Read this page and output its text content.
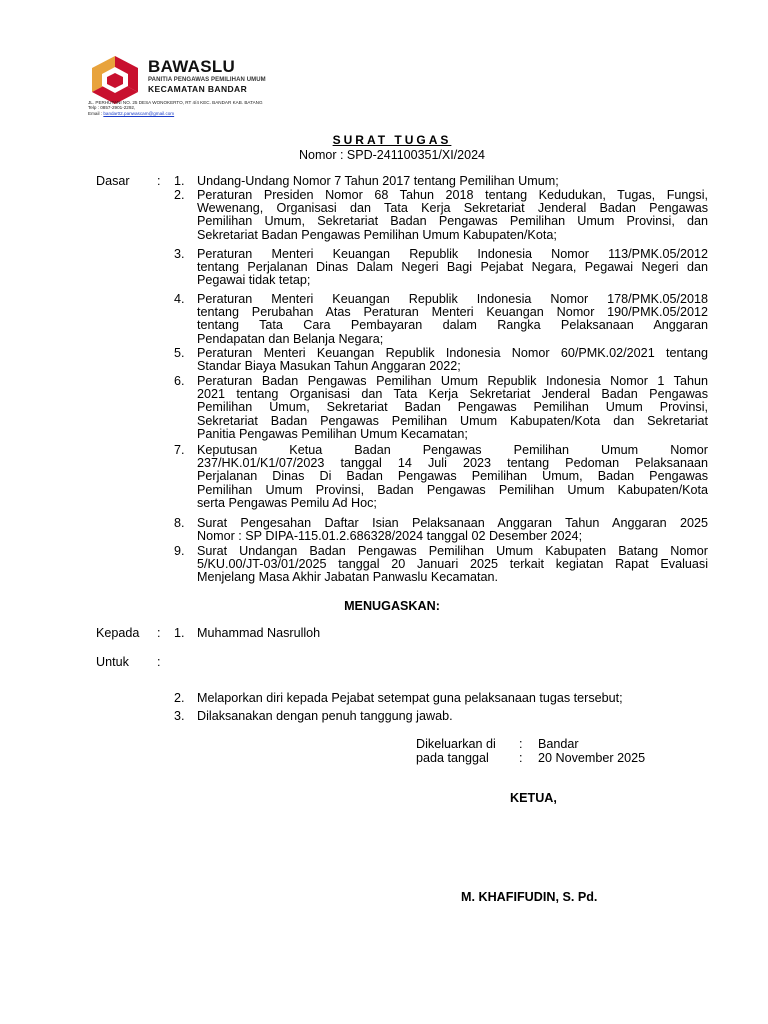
BAWASLU
PANITIA PENGAWAS PEMILIHAN UMUM
KECAMATAN BANDAR
JL. PERHUTANI NO. 25 DESA WONOKERTO, RT 4/4 KEC. BANDAR KAB. BATANG
Telp : 0857-2901-2292,
Email : bandar02.panwascam@gmail.com
SURAT TUGAS
Nomor : SPD-241100351/XI/2024
Dasar : 1. Undang-Undang Nomor 7 Tahun 2017 tentang Pemilihan Umum;
2. Peraturan Presiden Nomor 68 Tahun 2018 tentang Kedudukan, Tugas, Fungsi,
Wewenang, Organisasi dan Tata Kerja Sekretariat Jenderal Badan Pengawas
Pemilihan Umum, Sekretariat Badan Pengawas Pemilihan Umum Provinsi, dan
Sekretariat Badan Pengawas Pemilihan Umum Kabupaten/Kota;
3. Peraturan Menteri Keuangan Republik Indonesia Nomor 113/PMK.05/2012
tentang Perjalanan Dinas Dalam Negeri Bagi Pejabat Negara, Pegawai Negeri dan
Pegawai tidak tetap;
4. Peraturan Menteri Keuangan Republik Indonesia Nomor 178/PMK.05/2018
tentang Perubahan Atas Peraturan Menteri Keuangan Nomor 190/PMK.05/2012
tentang Tata Cara Pembayaran dalam Rangka Pelaksanaan Anggaran
Pendapatan dan Belanja Negara;
5. Peraturan Menteri Keuangan Republik Indonesia Nomor 60/PMK.02/2021 tentang
Standar Biaya Masukan Tahun Anggaran 2022;
6. Peraturan Badan Pengawas Pemilihan Umum Republik Indonesia Nomor 1 Tahun
2021 tentang Organisasi dan Tata Kerja Sekretariat Jenderal Badan Pengawas
Pemilihan Umum, Sekretariat Badan Pengawas Pemilihan Umum Provinsi,
Sekretariat Badan Pengawas Pemilihan Umum Kabupaten/Kota dan Sekretariat
Panitia Pengawas Pemilihan Umum Kecamatan;
7. Keputusan Ketua Badan Pengawas Pemilihan Umum Nomor
237/HK.01/K1/07/2023 tanggal 14 Juli 2023 tentang Pedoman Pelaksanaan
Perjalanan Dinas Di Badan Pengawas Pemilihan Umum, Badan Pengawas
Pemilihan Umum Provinsi, Badan Pengawas Pemilihan Umum Kabupaten/Kota
serta Pengawas Pemilu Ad Hoc;
8. Surat Pengesahan Daftar Isian Pelaksanaan Anggaran Tahun Anggaran 2025
Nomor : SP DIPA-115.01.2.686328/2024 tanggal 02 Desember 2024;
9. Surat Undangan Badan Pengawas Pemilihan Umum Kabupaten Batang Nomor
5/KU.00/JT-03/01/2025 tanggal 20 Januari 2025 terkait kegiatan Rapat Evaluasi
Menjelang Masa Akhir Jabatan Panwaslu Kecamatan.
MENUGASKAN:
Kepada : 1. Muhammad Nasrulloh
Untuk :
2. Melaporkan diri kepada Pejabat setempat guna pelaksanaan tugas tersebut;
3. Dilaksanakan dengan penuh tanggung jawab.
Dikeluarkan di : Bandar
pada tanggal : 20 November 2025
KETUA,
M. KHAFIFUDIN, S. Pd.
